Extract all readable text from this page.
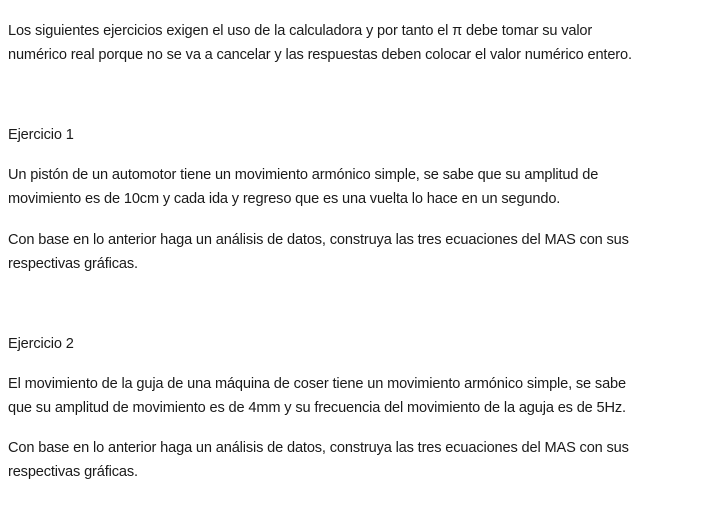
Los siguientes ejercicios exigen el uso de la calculadora y por tanto el π debe tomar su valor
numérico real porque no se va a cancelar y las respuestas deben colocar el valor numérico entero.

Ejercicio 1

Un pistón de un automotor tiene un movimiento armónico simple, se sabe que su amplitud de
movimiento es de 10cm y cada ida y regreso que es una vuelta lo hace en un segundo.

Con base en lo anterior haga un análisis de datos, construya las tres ecuaciones del MAS con sus
respectivas gráficas.

Ejercicio 2

El movimiento de la guja de una máquina de coser tiene un movimiento armónico simple, se sabe
que su amplitud de movimiento es de 4mm y su frecuencia del movimiento de la aguja es de 5Hz.

Con base en lo anterior haga un análisis de datos, construya las tres ecuaciones del MAS con sus
respectivas gráficas.
